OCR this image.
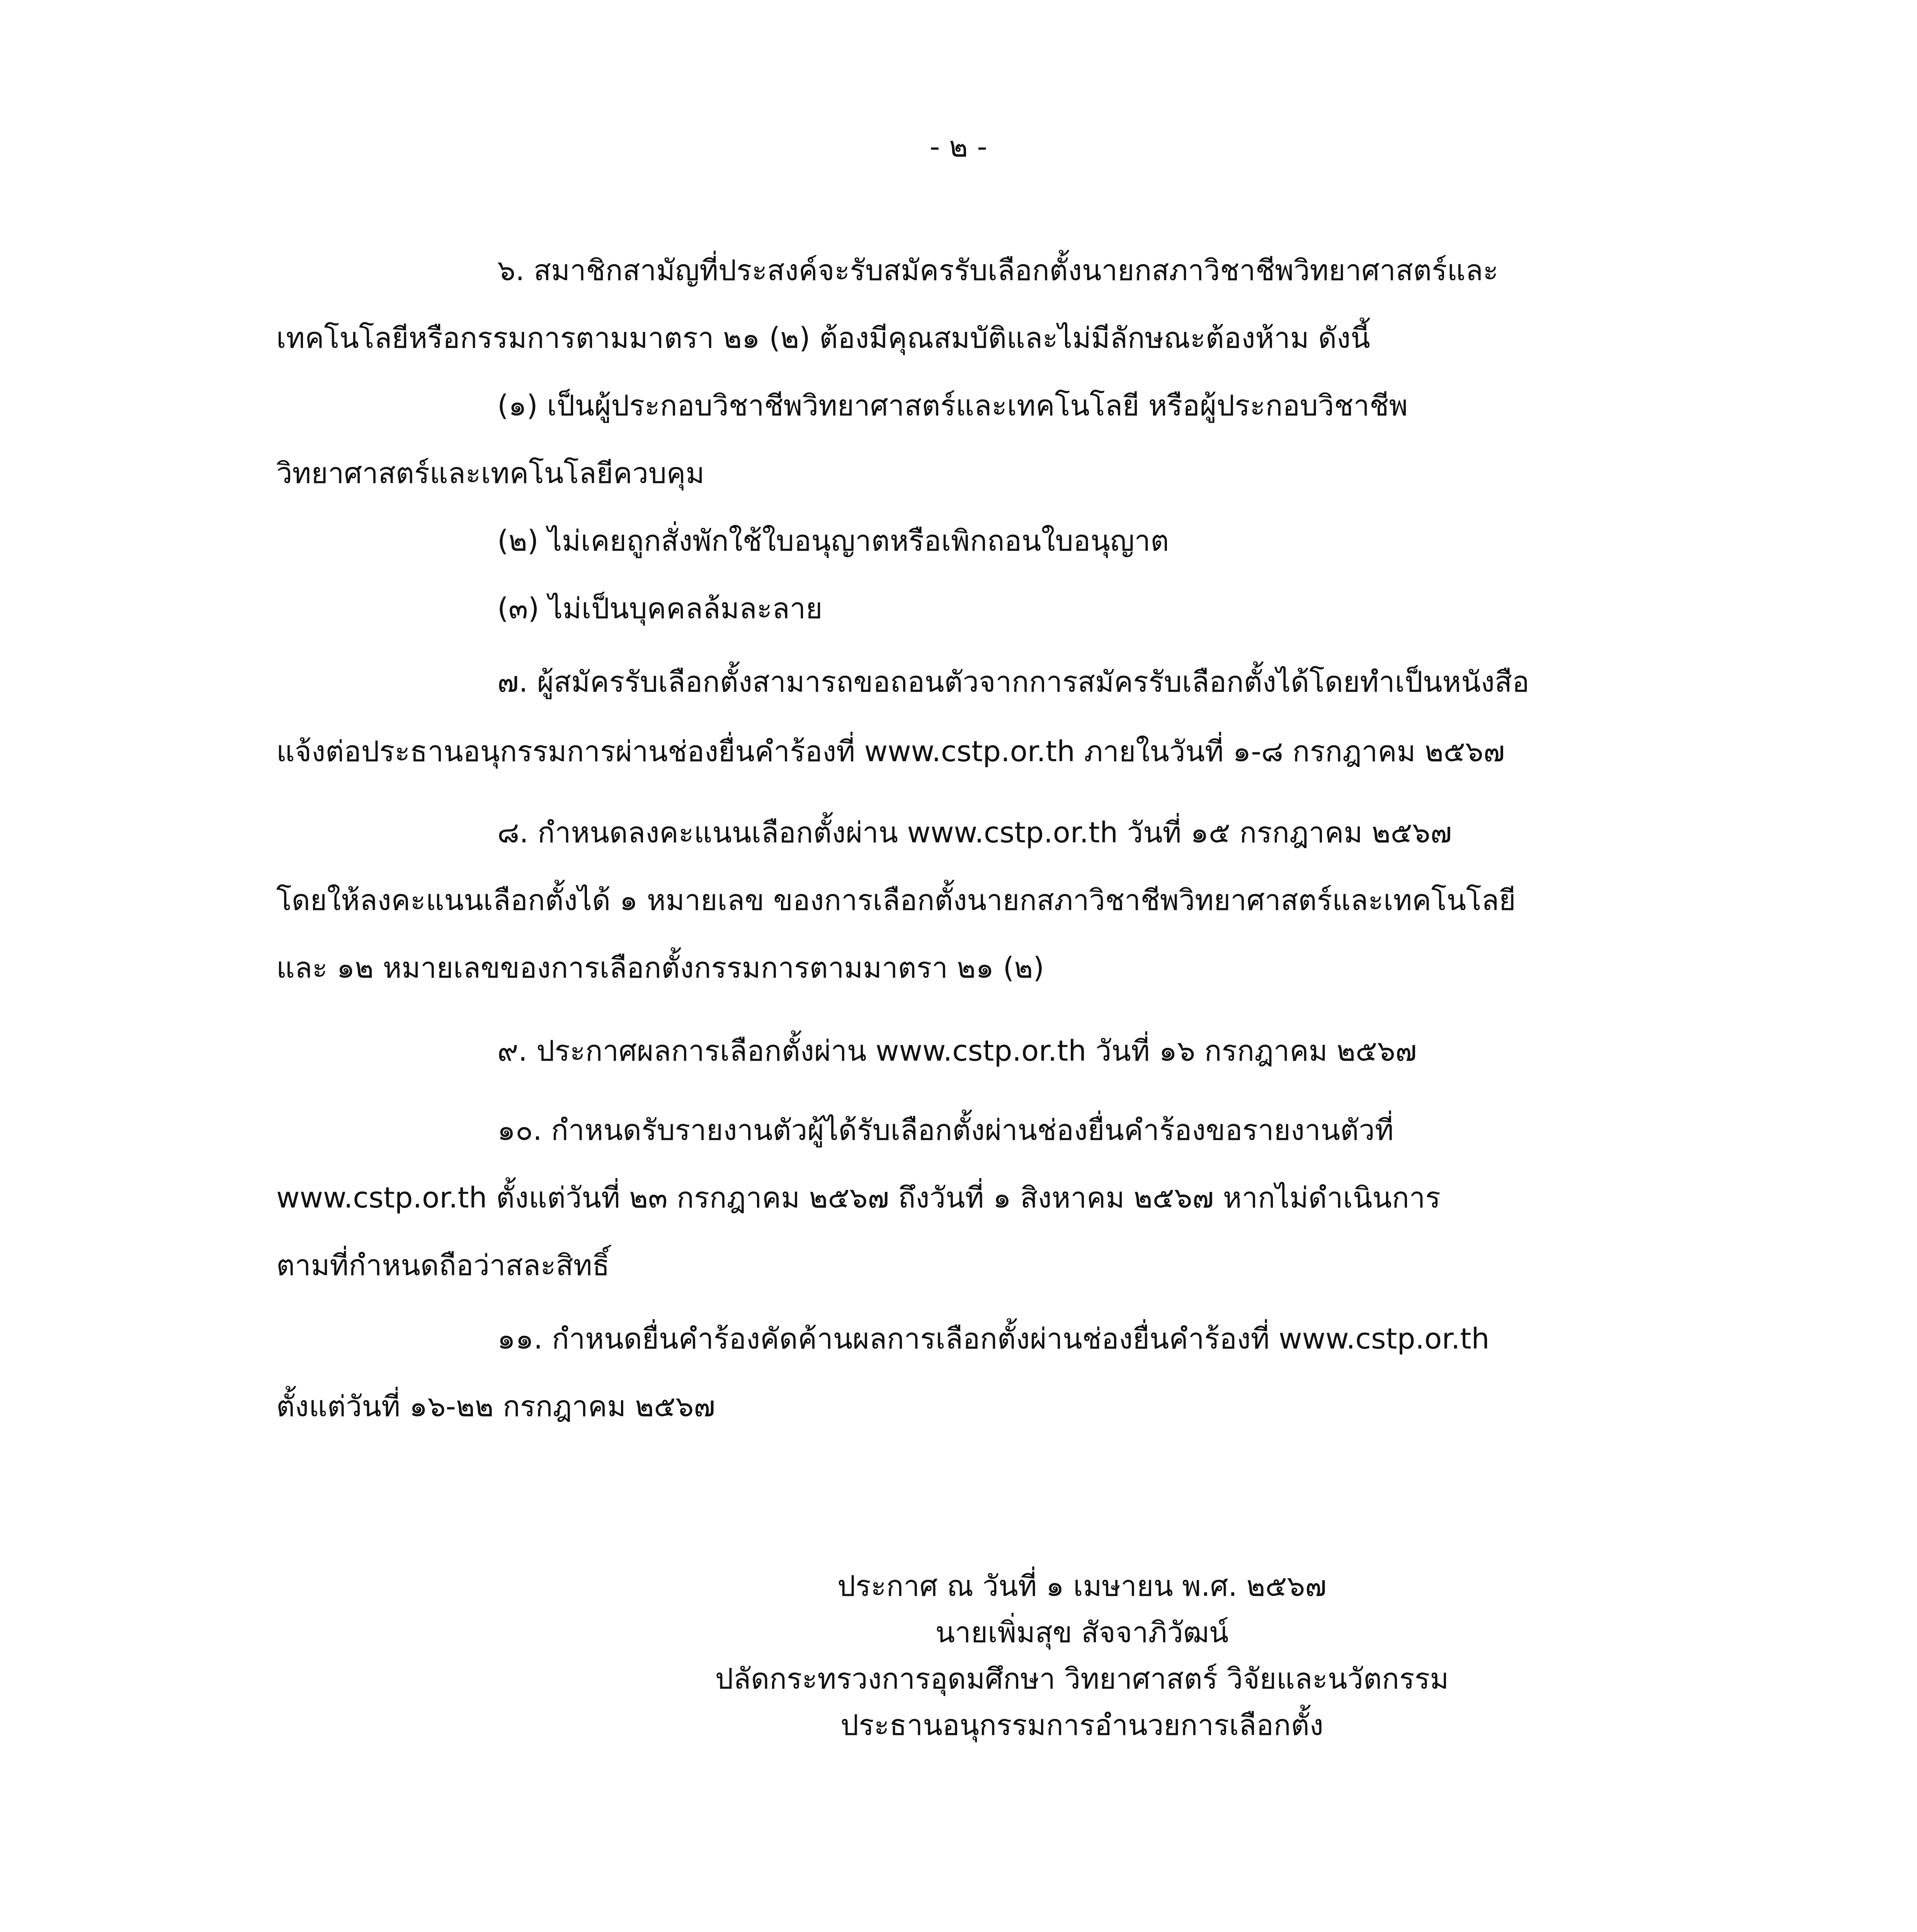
- ๒ -
๖. สมาชิกสามัญที่ประสงค์จะรับสมัครรับเลือกตั้งนายกสภาวิชาชีพวิทยาศาสตร์และ
เทคโนโลยีหรือกรรมการตามมาตรา ๒๑ (๒) ต้องมีคุณสมบัติและไม่มีลักษณะต้องห้าม ดังนี้
(๑) เป็นผู้ประกอบวิชาชีพวิทยาศาสตร์และเทคโนโลยี หรือผู้ประกอบวิชาชีพ
วิทยาศาสตร์และเทคโนโลยีควบคุม
(๒) ไม่เคยถูกสั่งพักใช้ใบอนุญาตหรือเพิกถอนใบอนุญาต
(๓) ไม่เป็นบุคคลล้มละลาย
๗. ผู้สมัครรับเลือกตั้งสามารถขอถอนตัวจากการสมัครรับเลือกตั้งได้โดยทำเป็นหนังสือ
แจ้งต่อประธานอนุกรรมการผ่านช่องยื่นคำร้องที่ www.cstp.or.th ภายในวันที่ ๑-๘ กรกฎาคม ๒๕๖๗
๘. กำหนดลงคะแนนเลือกตั้งผ่าน www.cstp.or.th วันที่ ๑๕ กรกฎาคม ๒๕๖๗
โดยให้ลงคะแนนเลือกตั้งได้ ๑ หมายเลข ของการเลือกตั้งนายกสภาวิชาชีพวิทยาศาสตร์และเทคโนโลยี
และ ๑๒ หมายเลขของการเลือกตั้งกรรมการตามมาตรา ๒๑ (๒)
๙. ประกาศผลการเลือกตั้งผ่าน www.cstp.or.th วันที่ ๑๖ กรกฎาคม ๒๕๖๗
๑๐. กำหนดรับรายงานตัวผู้ได้รับเลือกตั้งผ่านช่องยื่นคำร้องขอรายงานตัวที่
www.cstp.or.th ตั้งแต่วันที่ ๒๓ กรกฎาคม ๒๕๖๗ ถึงวันที่ ๑ สิงหาคม ๒๕๖๗ หากไม่ดำเนินการ
ตามที่กำหนดถือว่าสละสิทธิ์
๑๑. กำหนดยื่นคำร้องคัดค้านผลการเลือกตั้งผ่านช่องยื่นคำร้องที่ www.cstp.or.th
ตั้งแต่วันที่ ๑๖-๒๒ กรกฎาคม ๒๕๖๗
ประกาศ ณ วันที่ ๑ เมษายน พ.ศ. ๒๕๖๗
นายเพิ่มสุข สัจจาภิวัฒน์
ปลัดกระทรวงการอุดมศึกษา วิทยาศาสตร์ วิจัยและนวัตกรรม
ประธานอนุกรรมการอำนวยการเลือกตั้ง
